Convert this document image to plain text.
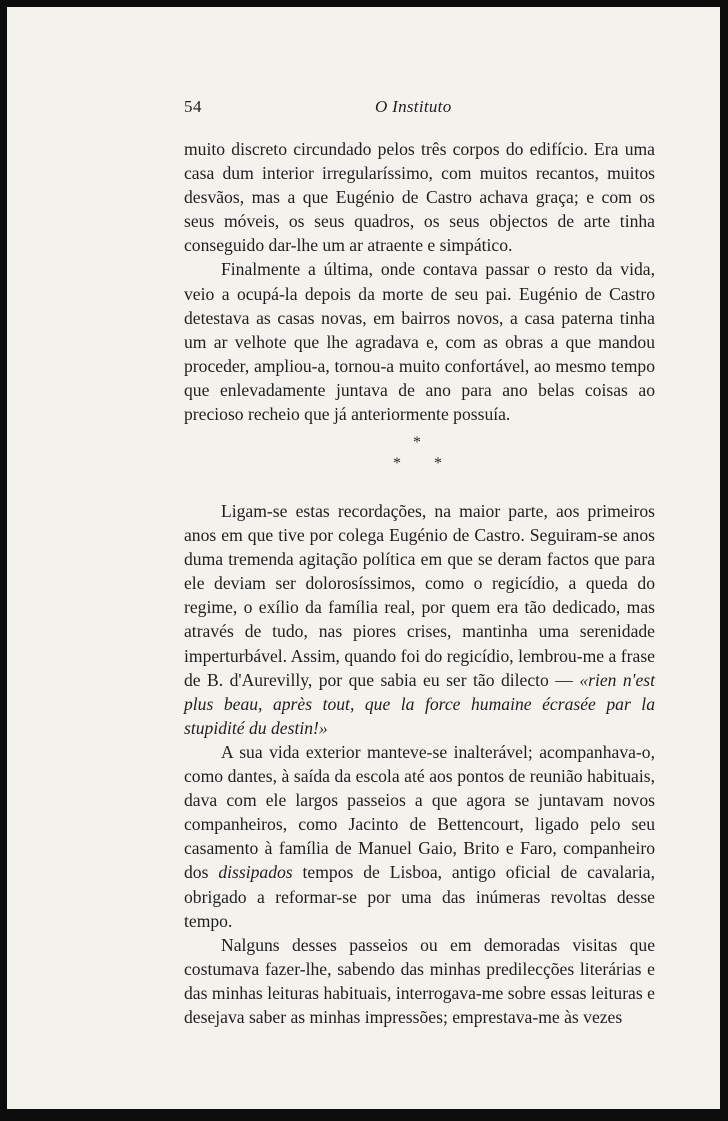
54	O Instituto

muito discreto circundado pelos três corpos do edifício. Era uma casa dum interior irregularíssimo, com muitos recantos, muitos desvãos, mas a que Eugénio de Castro achava graça; e com os seus móveis, os seus quadros, os seus objectos de arte tinha conseguido dar-lhe um ar atraente e simpático.

Finalmente a última, onde contava passar o resto da vida, veio a ocupá-la depois da morte de seu pai. Eugénio de Castro detestava as casas novas, em bairros novos, a casa paterna tinha um ar velhote que lhe agradava e, com as obras a que mandou proceder, ampliou-a, tornou-a muito confortável, ao mesmo tempo que enlevadamente juntava de ano para ano belas coisas ao precioso recheio que já anteriormente possuía.

*
* *

Ligam-se estas recordações, na maior parte, aos primeiros anos em que tive por colega Eugénio de Castro. Seguiram-se anos duma tremenda agitação política em que se deram factos que para ele deviam ser dolorosíssimos, como o regicídio, a queda do regime, o exílio da família real, por quem era tão dedicado, mas através de tudo, nas piores crises, mantinha uma serenidade imperturbável. Assim, quando foi do regicídio, lembrou-me a frase de B. d'Aurevilly, por que sabia eu ser tão dilecto — «rien n'est plus beau, après tout, que la force humaine écrasée par la stupidité du destin!»

A sua vida exterior manteve-se inalterável; acompanhava-o, como dantes, à saída da escola até aos pontos de reunião habituais, dava com ele largos passeios a que agora se juntavam novos companheiros, como Jacinto de Bettencourt, ligado pelo seu casamento à família de Manuel Gaio, Brito e Faro, companheiro dos dissipados tempos de Lisboa, antigo oficial de cavalaria, obrigado a reformar-se por uma das inúmeras revoltas desse tempo.

Nalguns desses passeios ou em demoradas visitas que costumava fazer-lhe, sabendo das minhas predilecções literárias e das minhas leituras habituais, interrogava-me sobre essas leituras e desejava saber as minhas impressões; emprestava-me às vezes
